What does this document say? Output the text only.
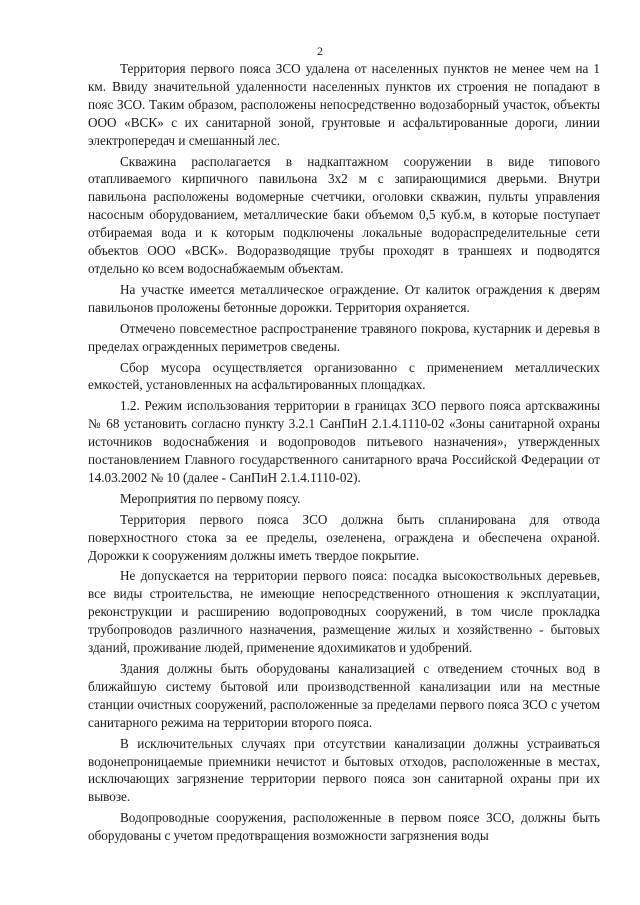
2

Территория первого пояса ЗСО удалена от населенных пунктов не менее чем на 1 км. Ввиду значительной удаленности населенных пунктов их строения не попадают в пояс ЗСО. Таким образом, расположены непосредственно водозаборный участок, объекты ООО «ВСК» с их санитарной зоной, грунтовые и асфальтированные дороги, линии электропередач и смешанный лес.

Скважина располагается в надкаптажном сооружении в виде типового отапливаемого кирпичного павильона 3х2 м с запирающимися дверьми. Внутри павильона расположены водомерные счетчики, оголовки скважин, пульты управления насосным оборудованием, металлические баки объемом 0,5 куб.м, в которые поступает отбираемая вода и к которым подключены локальные водораспределительные сети объектов ООО «ВСК». Водоразводящие трубы проходят в траншеях и подводятся отдельно ко всем водоснабжаемым объектам.

На участке имеется металлическое ограждение. От калиток ограждения к дверям павильонов проложены бетонные дорожки. Территория охраняется.

Отмечено повсеместное распространение травяного покрова, кустарник и деревья в пределах огражденных периметров сведены.

Сбор мусора осуществляется организованно с применением металлических емкостей, установленных на асфальтированных площадках.

1.2. Режим использования территории в границах ЗСО первого пояса артскважины № 68 установить согласно пункту 3.2.1 СанПиН 2.1.4.1110-02 «Зоны санитарной охраны источников водоснабжения и водопроводов питьевого назначения», утвержденных постановлением Главного государственного санитарного врача Российской Федерации от 14.03.2002 № 10 (далее - СанПиН 2.1.4.1110-02).

Мероприятия по первому поясу.

Территория первого пояса ЗСО должна быть спланирована для отвода поверхностного стока за ее пределы, озеленена, ограждена и обеспечена охраной. Дорожки к сооружениям должны иметь твердое покрытие.

Не допускается на территории первого пояса: посадка высокоствольных деревьев, все виды строительства, не имеющие непосредственного отношения к эксплуатации, реконструкции и расширению водопроводных сооружений, в том числе прокладка трубопроводов различного назначения, размещение жилых и хозяйственно - бытовых зданий, проживание людей, применение ядохимикатов и удобрений.

Здания должны быть оборудованы канализацией с отведением сточных вод в ближайшую систему бытовой или производственной канализации или на местные станции очистных сооружений, расположенные за пределами первого пояса ЗСО с учетом санитарного режима на территории второго пояса.

В исключительных случаях при отсутствии канализации должны устраиваться водонепроницаемые приемники нечистот и бытовых отходов, расположенные в местах, исключающих загрязнение территории первого пояса зон санитарной охраны при их вывозе.

Водопроводные сооружения, расположенные в первом поясе ЗСО, должны быть оборудованы с учетом предотвращения возможности загрязнения воды
